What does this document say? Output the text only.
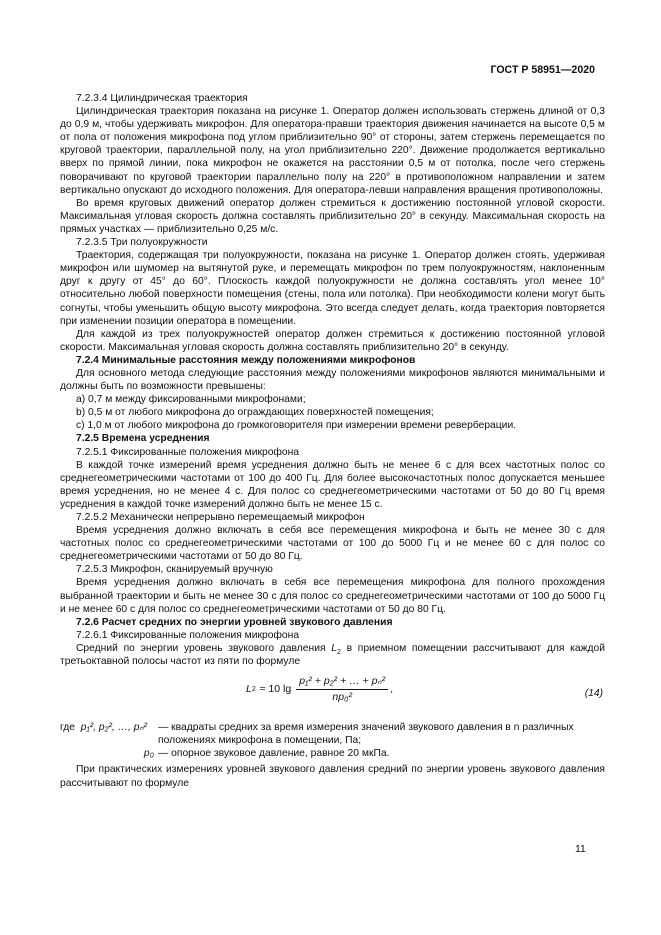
ГОСТ Р 58951—2020

7.2.3.4 Цилиндрическая траектория

Цилиндрическая траектория показана на рисунке 1. Оператор должен использовать стержень длиной от 0,3 до 0,9 м, чтобы удерживать микрофон. Для оператора-правши траектория движения начинается на высоте 0,5 м от пола от положения микрофона под углом приблизительно 90° от стороны, затем стержень перемещается по круговой траектории, параллельной полу, на угол приблизительно 220°. Движение продолжается вертикально вверх по прямой линии, пока микрофон не окажется на расстоянии 0,5 м от потолка, после чего стержень поворачивают по круговой траектории параллельно полу на 220° в противоположном направлении и затем вертикально опускают до исходного положения. Для оператора-левши направления вращения противоположны.

Во время круговых движений оператор должен стремиться к достижению постоянной угловой скорости. Максимальная угловая скорость должна составлять приблизительно 20° в секунду. Максимальная скорость на прямых участках — приблизительно 0,25 м/с.

7.2.3.5 Три полуокружности

Траектория, содержащая три полуокружности, показана на рисунке 1. Оператор должен стоять, удерживая микрофон или шумомер на вытянутой руке, и перемещать микрофон по трем полуокружностям, наклоненным друг к другу от 45° до 60°. Плоскость каждой полуокружности не должна составлять угол менее 10° относительно любой поверхности помещения (стены, пола или потолка). При необходимости колени могут быть согнуты, чтобы уменьшить общую высоту микрофона. Это всегда следует делать, когда траектория повторяется при изменении позиции оператора в помещении.

Для каждой из трех полуокружностей оператор должен стремиться к достижению постоянной угловой скорости. Максимальная угловая скорость должна составлять приблизительно 20° в секунду.

7.2.4 Минимальные расстояния между положениями микрофонов

Для основного метода следующие расстояния между положениями микрофонов являются минимальными и должны быть по возможности превышены:

a) 0,7 м между фиксированными микрофонами;

b) 0,5 м от любого микрофона до ограждающих поверхностей помещения;

c) 1,0 м от любого микрофона до громкоговорителя при измерении времени реверберации.

7.2.5 Времена усреднения

7.2.5.1 Фиксированные положения микрофона

В каждой точке измерений время усреднения должно быть не менее 6 с для всех частотных полос со среднегеометрическими частотами от 100 до 400 Гц. Для более высокочастотных полос допускается меньшее время усреднения, но не менее 4 с. Для полос со среднегеометрическими частотами от 50 до 80 Гц время усреднения в каждой точке измерений должно быть не менее 15 с.

7.2.5.2 Механически непрерывно перемещаемый микрофон

Время усреднения должно включать в себя все перемещения микрофона и быть не менее 30 с для частотных полос со среднегеометрическими частотами от 100 до 5000 Гц и не менее 60 с для полос со среднегеометрическими частотами от 50 до 80 Гц.

7.2.5.3 Микрофон, сканируемый вручную

Время усреднения должно включать в себя все перемещения микрофона для полного прохождения выбранной траектории и быть не менее 30 с для полос со среднегеометрическими частотами от 100 до 5000 Гц и не менее 60 с для полос со среднегеометрическими частотами от 50 до 80 Гц.

7.2.6 Расчет средних по энергии уровней звукового давления

7.2.6.1 Фиксированные положения микрофона

Средний по энергии уровень звукового давления $L_2$ в приемном помещении рассчитывают для каждой третьоктавной полосы частот из пяти по формуле

L 2 ≈ 10 $\lg \frac{\text{p₁² + p₂² + … + pₙ²}}{\text{np₀²}}$ ,	(14)
где p₁², p₂², …, pₙ²	— квадраты средних за время измерения значений звукового давления в n различных положениях микрофона в помещении, Па;
p₀ — опорное звуковое давление, равное 20 мкПа.

При практических измерениях уровней звукового давления средний по энергии уровень звукового давления рассчитывают по формуле

11
